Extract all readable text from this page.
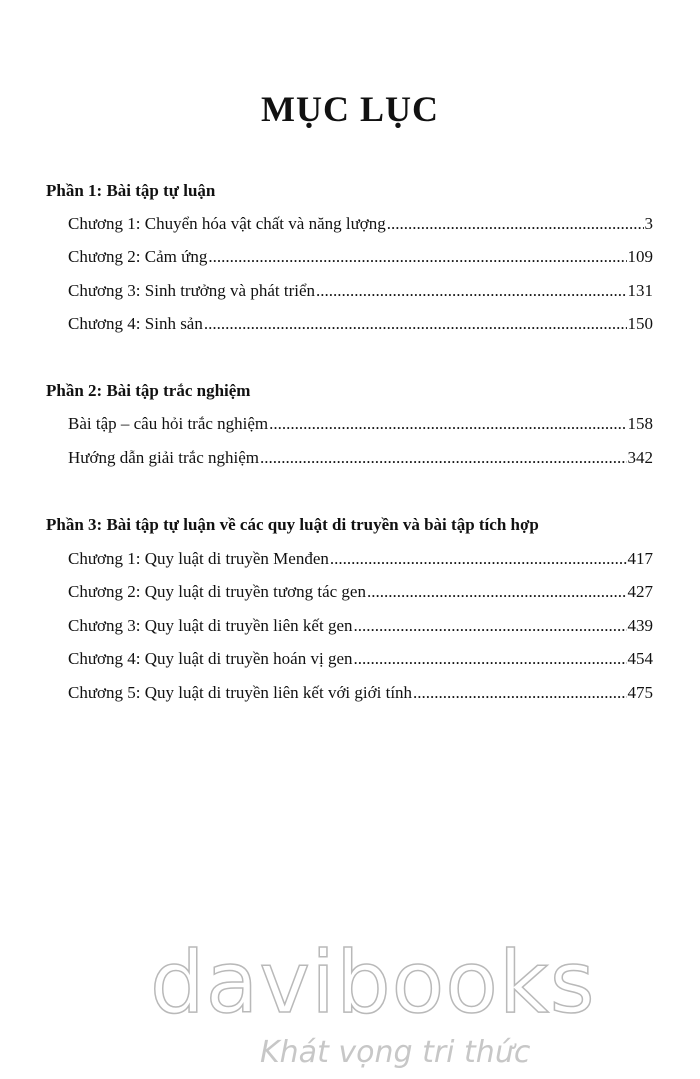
MỤC LỤC
Phần 1: Bài tập tự luận
Chương 1: Chuyển hóa vật chất và năng lượng .....	3
Chương 2: Cảm ứng .....	109
Chương 3: Sinh trưởng và phát triển .....	131
Chương 4: Sinh sản .....	150
Phần 2: Bài tập trắc nghiệm
Bài tập – câu hỏi trắc nghiệm .....	158
Hướng dẫn giải trắc nghiệm .....	342
Phần 3: Bài tập tự luận về các quy luật di truyền và bài tập tích hợp
Chương 1: Quy luật di truyền Menđen .....	417
Chương 2: Quy luật di truyền tương tác gen .....	427
Chương 3: Quy luật di truyền liên kết gen .....	439
Chương 4: Quy luật di truyền hoán vị gen .....	454
Chương 5: Quy luật di truyền liên kết với giới tính .....	475
davibooks
Khát vọng tri thức
